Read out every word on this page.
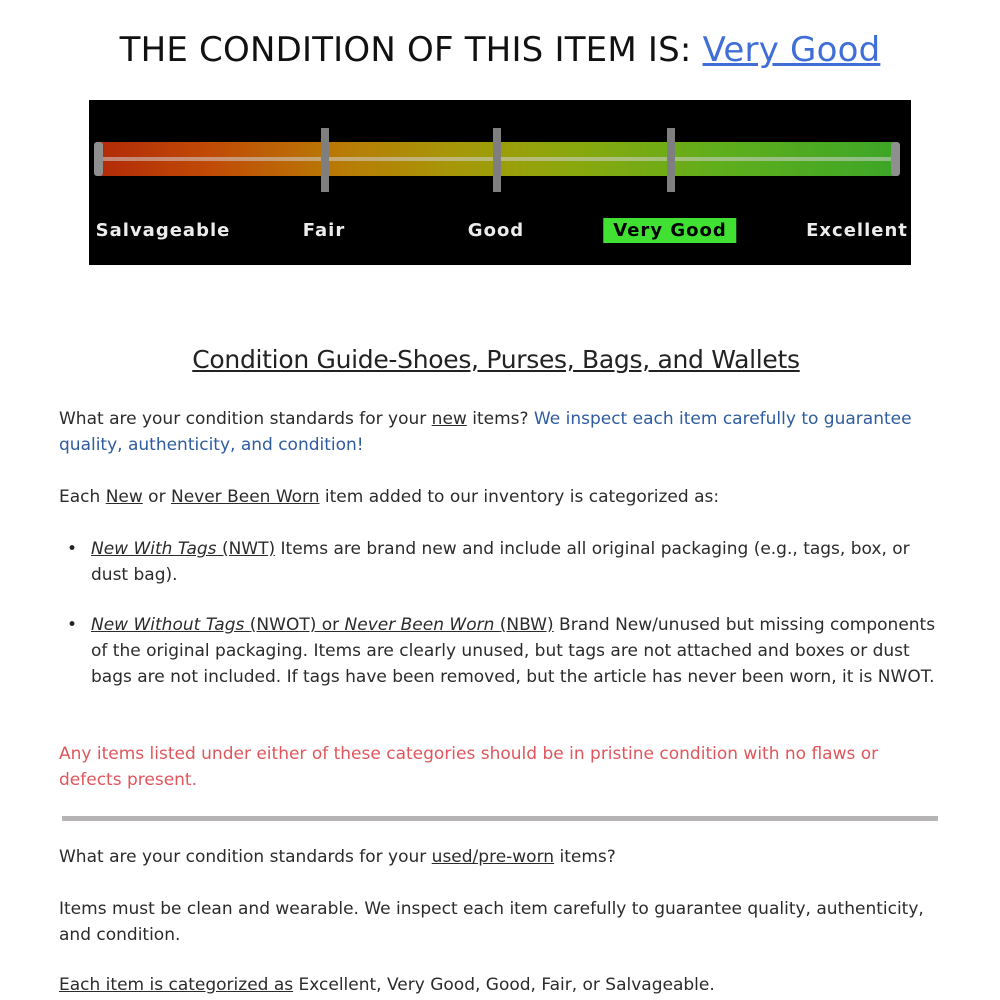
THE CONDITION OF THIS ITEM IS: Very Good
Salvageable	Fair	Good	Very Good	Excellent
Condition Guide-Shoes, Purses, Bags, and Wallets

What are your condition standards for your new items? We inspect each item carefully to guarantee quality, authenticity, and condition!

Each New or Never Been Worn item added to our inventory is categorized as:

• New With Tags (NWT) Items are brand new and include all original packaging (e.g., tags, box, or dust bag).
• New Without Tags (NWOT) or Never Been Worn (NBW) Brand New/unused but missing components of the original packaging. Items are clearly unused, but tags are not attached and boxes or dust bags are not included. If tags have been removed, but the article has never been worn, it is NWOT.

Any items listed under either of these categories should be in pristine condition with no flaws or defects present.

What are your condition standards for your used/pre-worn items?

Items must be clean and wearable. We inspect each item carefully to guarantee quality, authenticity, and condition.

Each item is categorized as Excellent, Very Good, Good, Fair, or Salvageable.
